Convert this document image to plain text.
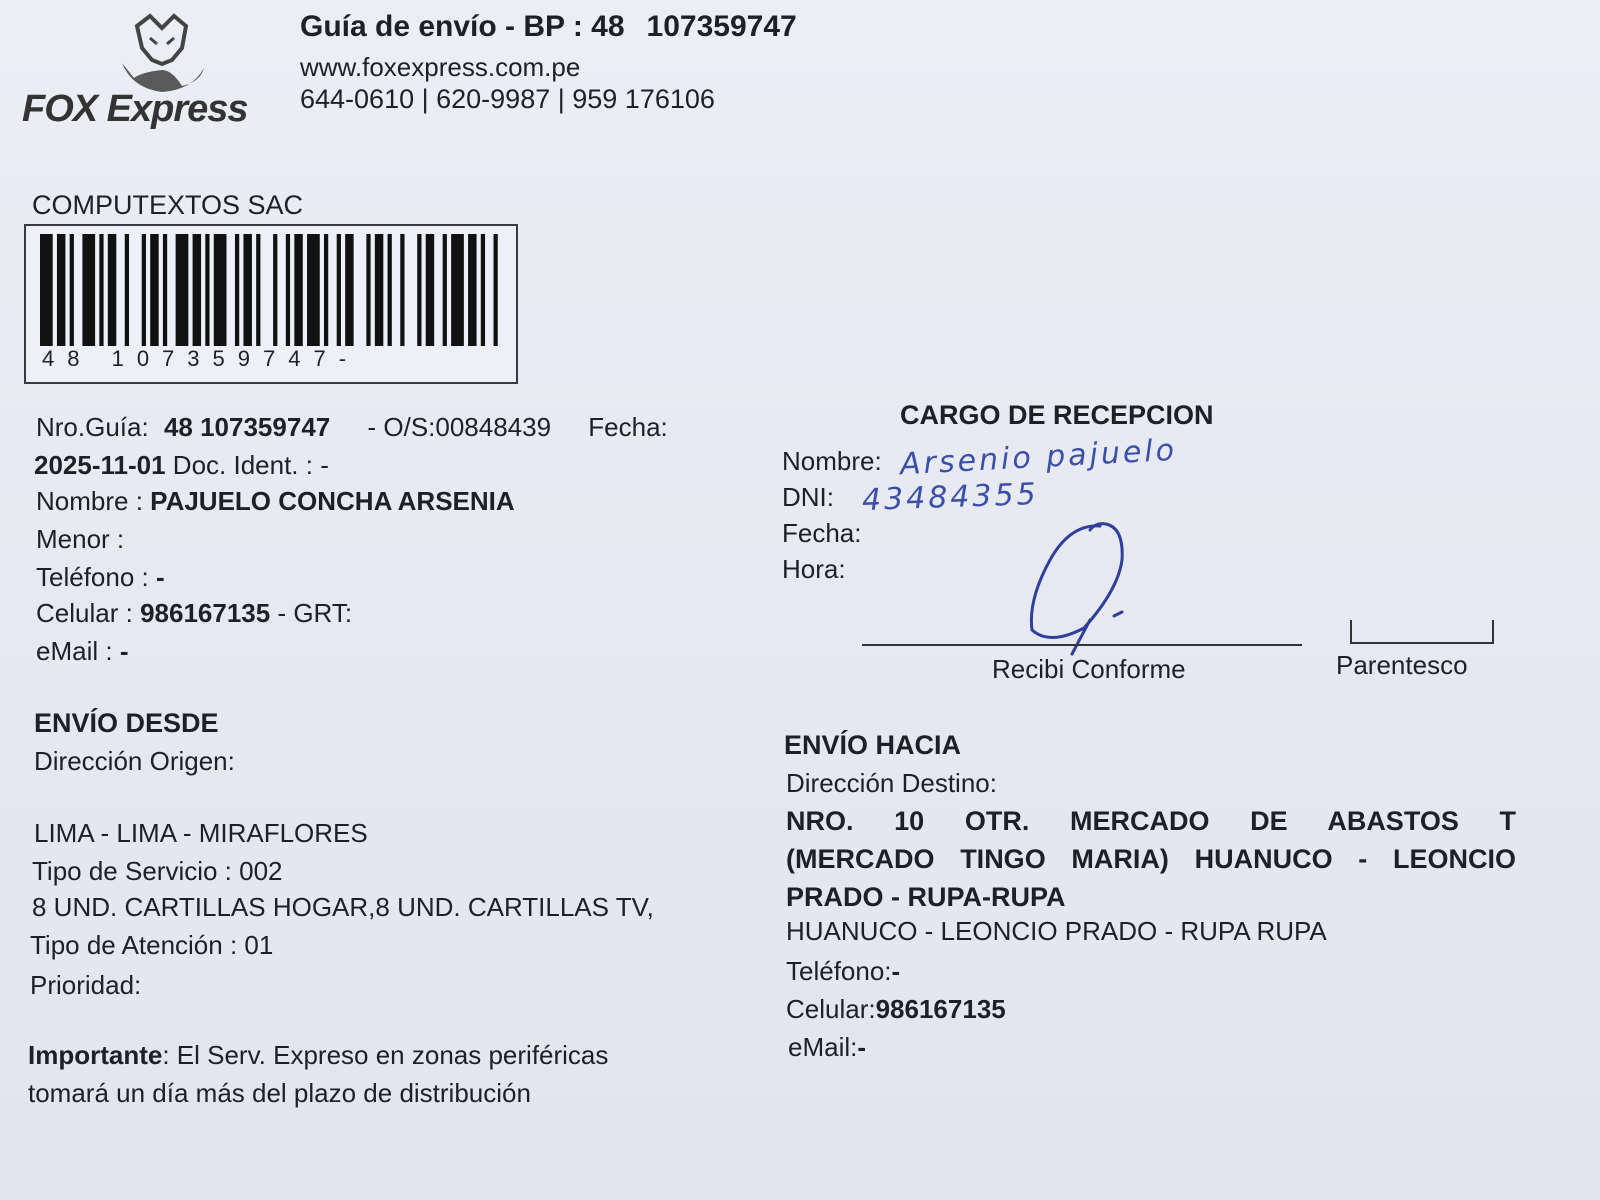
FOX Express
Guía de envío - BP : 48 107359747
www.foxexpress.com.pe
644-0610 | 620-9987 | 959 176106
COMPUTEXTOS SAC
48 107359747-
Nro.Guía: 48 107359747 - O/S:00848439 Fecha:
2025-11-01 Doc. Ident. : -
Nombre : PAJUELO CONCHA ARSENIA
Menor :
Teléfono : -
Celular : 986167135 - GRT:
eMail : -
ENVÍO DESDE
Dirección Origen:
LIMA - LIMA - MIRAFLORES
Tipo de Servicio : 002
8 UND. CARTILLAS HOGAR,8 UND. CARTILLAS TV,
Tipo de Atención : 01
Prioridad:
Importante: El Serv. Expreso en zonas periféricas
tomará un día más del plazo de distribución
CARGO DE RECEPCION
Nombre: Arsenio pajuelo
DNI: 43484355
Fecha:
Hora:
Recibi Conforme	Parentesco
ENVÍO HACIA
Dirección Destino:
NRO. 10 OTR. MERCADO DE ABASTOS T
(MERCADO TINGO MARIA) HUANUCO - LEONCIO
PRADO - RUPA-RUPA
HUANUCO - LEONCIO PRADO - RUPA RUPA
Teléfono:-
Celular:986167135
eMail:-
